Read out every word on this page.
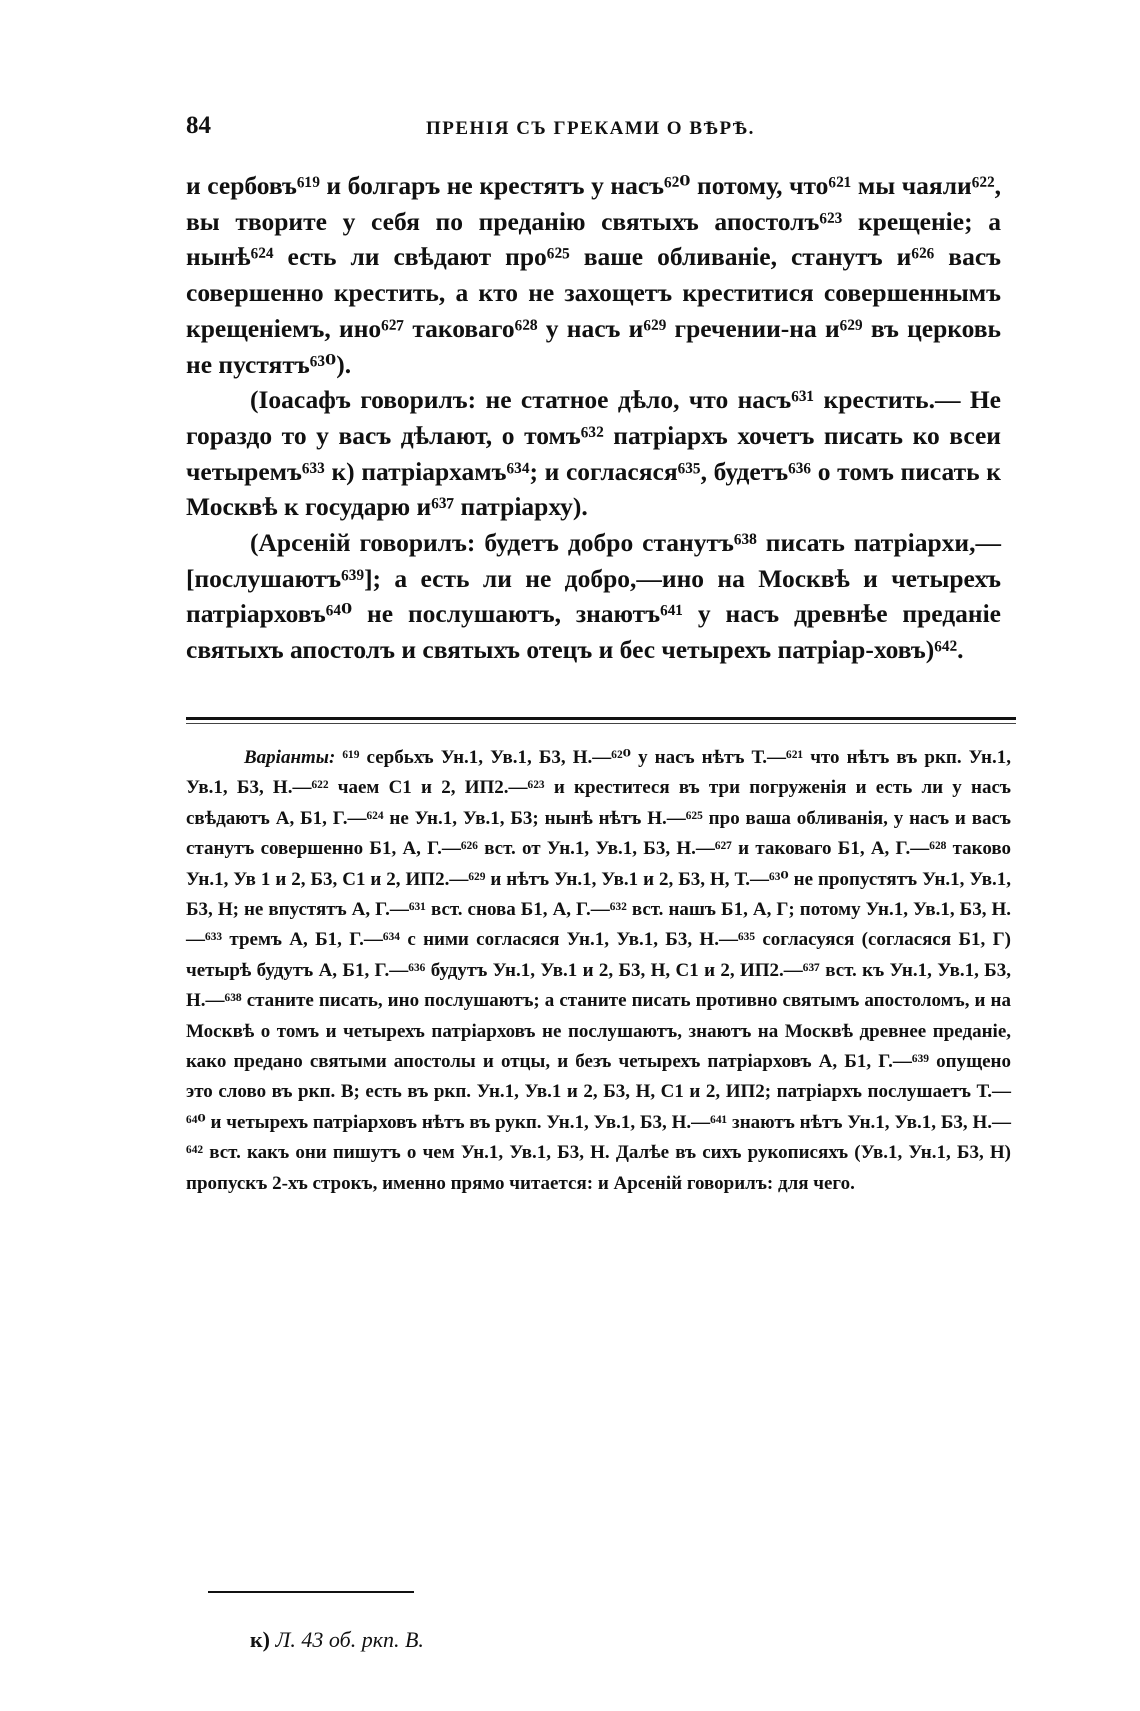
84	ПРЕНІЯ СЪ ГРЕКАМИ О ВѢРѢ.

и сербовъ⁶¹⁹ и болгаръ не крестятъ у насъ⁶²⁰ потому, что⁶²¹ мы чаяли⁶²², вы творите у себя по преданію святыхъ апостолъ⁶²³ крещеніе; а нынѣ⁶²⁴ есть ли свѣдают про⁶²⁵ ваше обливаніе, станутъ и⁶²⁶ васъ совершенно крестить, а кто не захощетъ креститися совершеннымъ крещеніемъ, ино⁶²⁷ таковаго⁶²⁸ у насъ и⁶²⁹ гречении-на и⁶²⁹ въ церковь не пустятъ⁶³⁰).

(Іоасафъ говорилъ: не статное дѣло, что насъ⁶³¹ крестить.— Не гораздо то у васъ дѣлают, о томъ⁶³² патріархъ хочетъ писать ко всеи четыремъ⁶³³ к) патріархамъ⁶³⁴; и согласяся⁶³⁵, будетъ⁶³⁶ о томъ писать к Москвѣ к государю и⁶³⁷ патріарху).

(Арсеній говорилъ: будетъ добро станутъ⁶³⁸ писать патріархи,— [послушаютъ⁶³⁹]; а есть ли не добро,—ино на Москвѣ и четырехъ патріарховъ⁶⁴⁰ не послушаютъ, знаютъ⁶⁴¹ у насъ древнѣе преданіе святыхъ апостолъ и святыхъ отецъ и бес четырехъ патріар-ховъ)⁶⁴².

Варіанты: ⁶¹⁹ сербьхъ Ун.1, Ув.1, Б3, Н.—⁶²⁰ у насъ нѣтъ Т.—⁶²¹ что нѣтъ въ ркп. Ун.1, Ув.1, Б3, Н.—⁶²² чаем С1 и 2, ИП2.—⁶²³ и креститеся въ три погруженія и есть ли у насъ свѣдаютъ А, Б1, Г.—⁶²⁴ не Ун.1, Ув.1, Б3; нынѣ нѣтъ Н.—⁶²⁵ про ваша обливанія, у насъ и васъ станутъ совершенно Б1, А, Г.—⁶²⁶ вст. от Ун.1, Ув.1, Б3, Н.—⁶²⁷ и таковаго Б1, А, Г.—⁶²⁸ таково Ун.1, Ув 1 и 2, Б3, С1 и 2, ИП2.—⁶²⁹ и нѣтъ Ун.1, Ув.1 и 2, Б3, Н, Т.—⁶³⁰ не пропустятъ Ун.1, Ув.1, Б3, Н; не впустятъ А, Г.—⁶³¹ вст. снова Б1, А, Г.—⁶³² вст. нашъ Б1, А, Г; потому Ун.1, Ув.1, Б3, Н.—⁶³³ тремъ А, Б1, Г.—⁶³⁴ с ними согласяся Ун.1, Ув.1, Б3, Н.—⁶³⁵ согласуяся (согласяся Б1, Г) четырѣ будутъ А, Б1, Г.—⁶³⁶ будутъ Ун.1, Ув.1 и 2, Б3, Н, С1 и 2, ИП2.—⁶³⁷ вст. къ Ун.1, Ув.1, Б3, Н.—⁶³⁸ станите писать, ино послушаютъ; а станите писать противно святымъ апостоломъ, и на Москвѣ о томъ и четырехъ патріарховъ не послушаютъ, знаютъ на Москвѣ древнее преданіе, како предано святыми апостолы и отцы, и безъ четырехъ патріарховъ А, Б1, Г.—⁶³⁹ опущено это слово въ ркп. В; есть въ ркп. Ун.1, Ув.1 и 2, Б3, Н, С1 и 2, ИП2; патріархъ послушаетъ Т.—⁶⁴⁰ и четырехъ патріарховъ нѣтъ въ рукп. Ун.1, Ув.1, Б3, Н.—⁶⁴¹ знаютъ нѣтъ Ун.1, Ув.1, Б3, Н.—⁶⁴² вст. какъ они пишутъ о чем Ун.1, Ув.1, Б3, Н. Далѣе въ сихъ рукописяхъ (Ув.1, Ун.1, Б3, Н) пропускъ 2-хъ строкъ, именно прямо читается: и Арсеній говорилъ: для чего.

к) Л. 43 об. ркп. В.
